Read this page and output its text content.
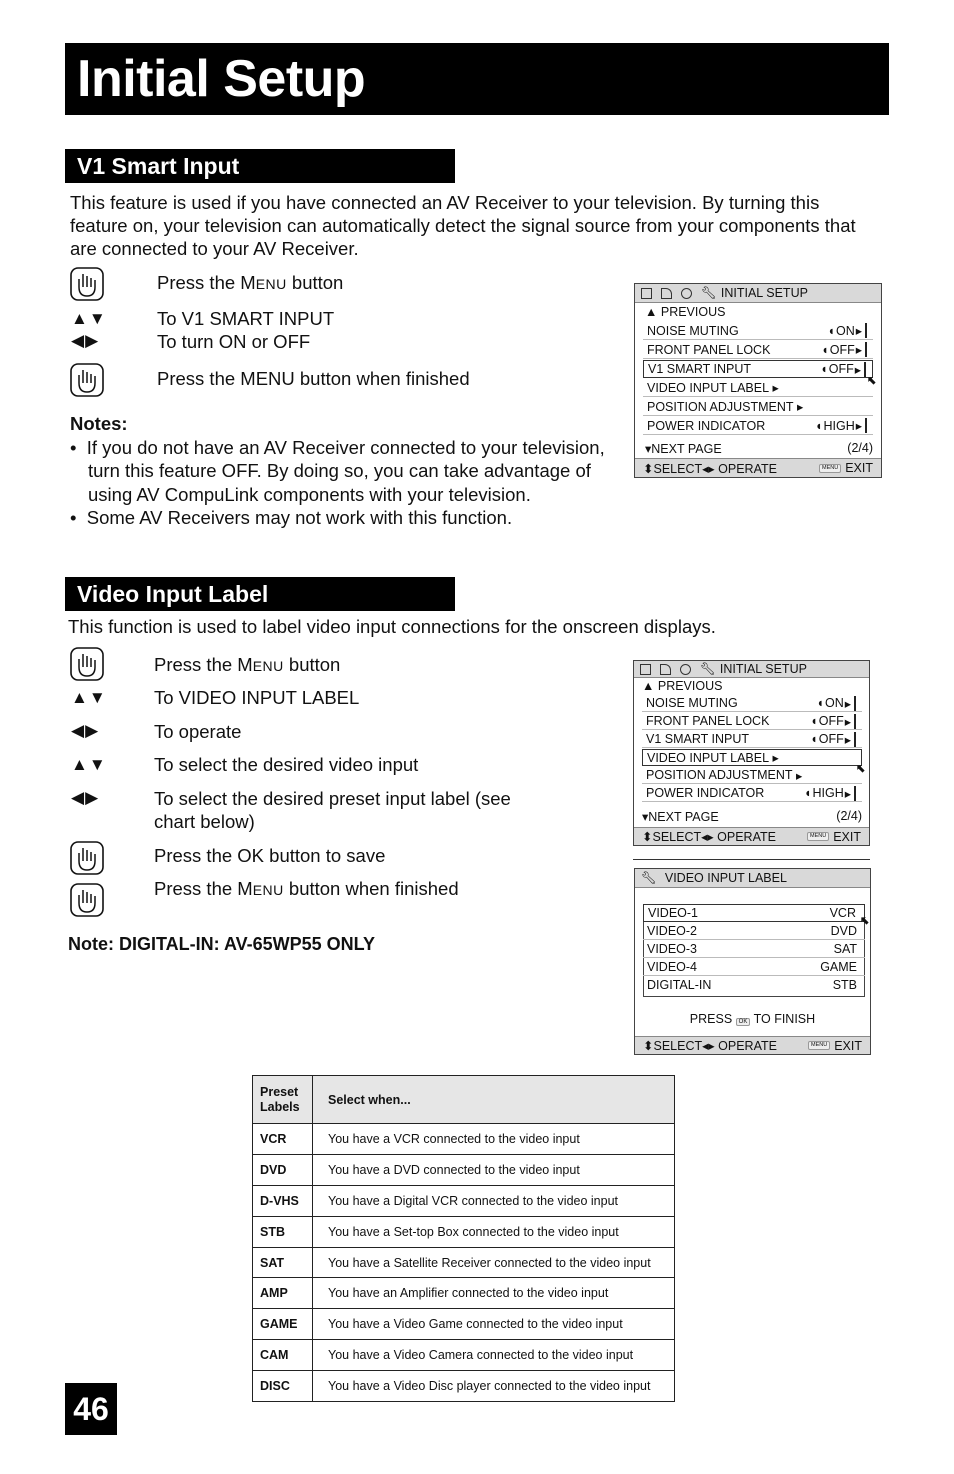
Initial Setup
V1 Smart Input
This feature is used if you have connected an AV Receiver to your television. By turning this feature on, your television can automatically detect the signal source from your components that are connected to your AV Receiver.
Press the MENU button
▲▼	To V1 SMART INPUT
◀▶	To turn ON or OFF
Press the MENU button when finished
Notes:
•  If you do not have an AV Receiver connected to your television, turn this feature OFF. By doing so, you can take advantage of using AV CompuLink components with your television.
•  Some AV Receivers may not work with this function.
🔧︎ INITIAL SETUP
▲ PREVIOUS
NOISE MUTING	◖ ON ▸
FRONT PANEL LOCK	◖ OFF ▸
V1 SMART INPUT	◖ OFF ▸
VIDEO INPUT LABEL ▸
POSITION ADJUSTMENT ▸
POWER INDICATOR	◖ HIGH ▸
⬉
▾NEXT PAGE	(2/4)
⬍SELECT◂▸ OPERATE	MENU EXIT
Video Input Label
This function is used to label video input connections for the onscreen displays.
Press the MENU button
▲▼	To VIDEO INPUT LABEL
◀▶	To operate
▲▼	To select the desired video input
◀▶	To select the desired preset input label (see chart below)
Press the OK button to save
Press the MENU button when finished
Note: DIGITAL-IN: AV-65WP55 ONLY
🔧︎ INITIAL SETUP
▲ PREVIOUS
NOISE MUTING	◖ ON ▸
FRONT PANEL LOCK	◖ OFF ▸
V1 SMART INPUT	◖ OFF ▸
VIDEO INPUT LABEL ▸
POSITION ADJUSTMENT ▸
POWER INDICATOR	◖ HIGH ▸
⬉
▾NEXT PAGE	(2/4)
⬍SELECT◂▸ OPERATE	MENU EXIT
🔧︎ VIDEO INPUT LABEL
VIDEO-1	VCR
VIDEO-2	DVD
VIDEO-3	SAT
VIDEO-4	GAME
DIGITAL-IN	STB
⬉
PRESS OK TO FINISH
⬍SELECT◂▸ OPERATE	MENU EXIT
Preset Labels	Select when...
VCR	You have a VCR connected to the video input
DVD	You have a DVD connected to the video input
D-VHS	You have a Digital VCR connected to the video input
STB	You have a Set-top Box connected to the video input
SAT	You have a Satellite Receiver connected to the video input
AMP	You have an Amplifier connected to the video input
GAME	You have a Video Game connected to the video input
CAM	You have a Video Camera connected to the video input
DISC	You have a Video Disc player connected to the video input
46
